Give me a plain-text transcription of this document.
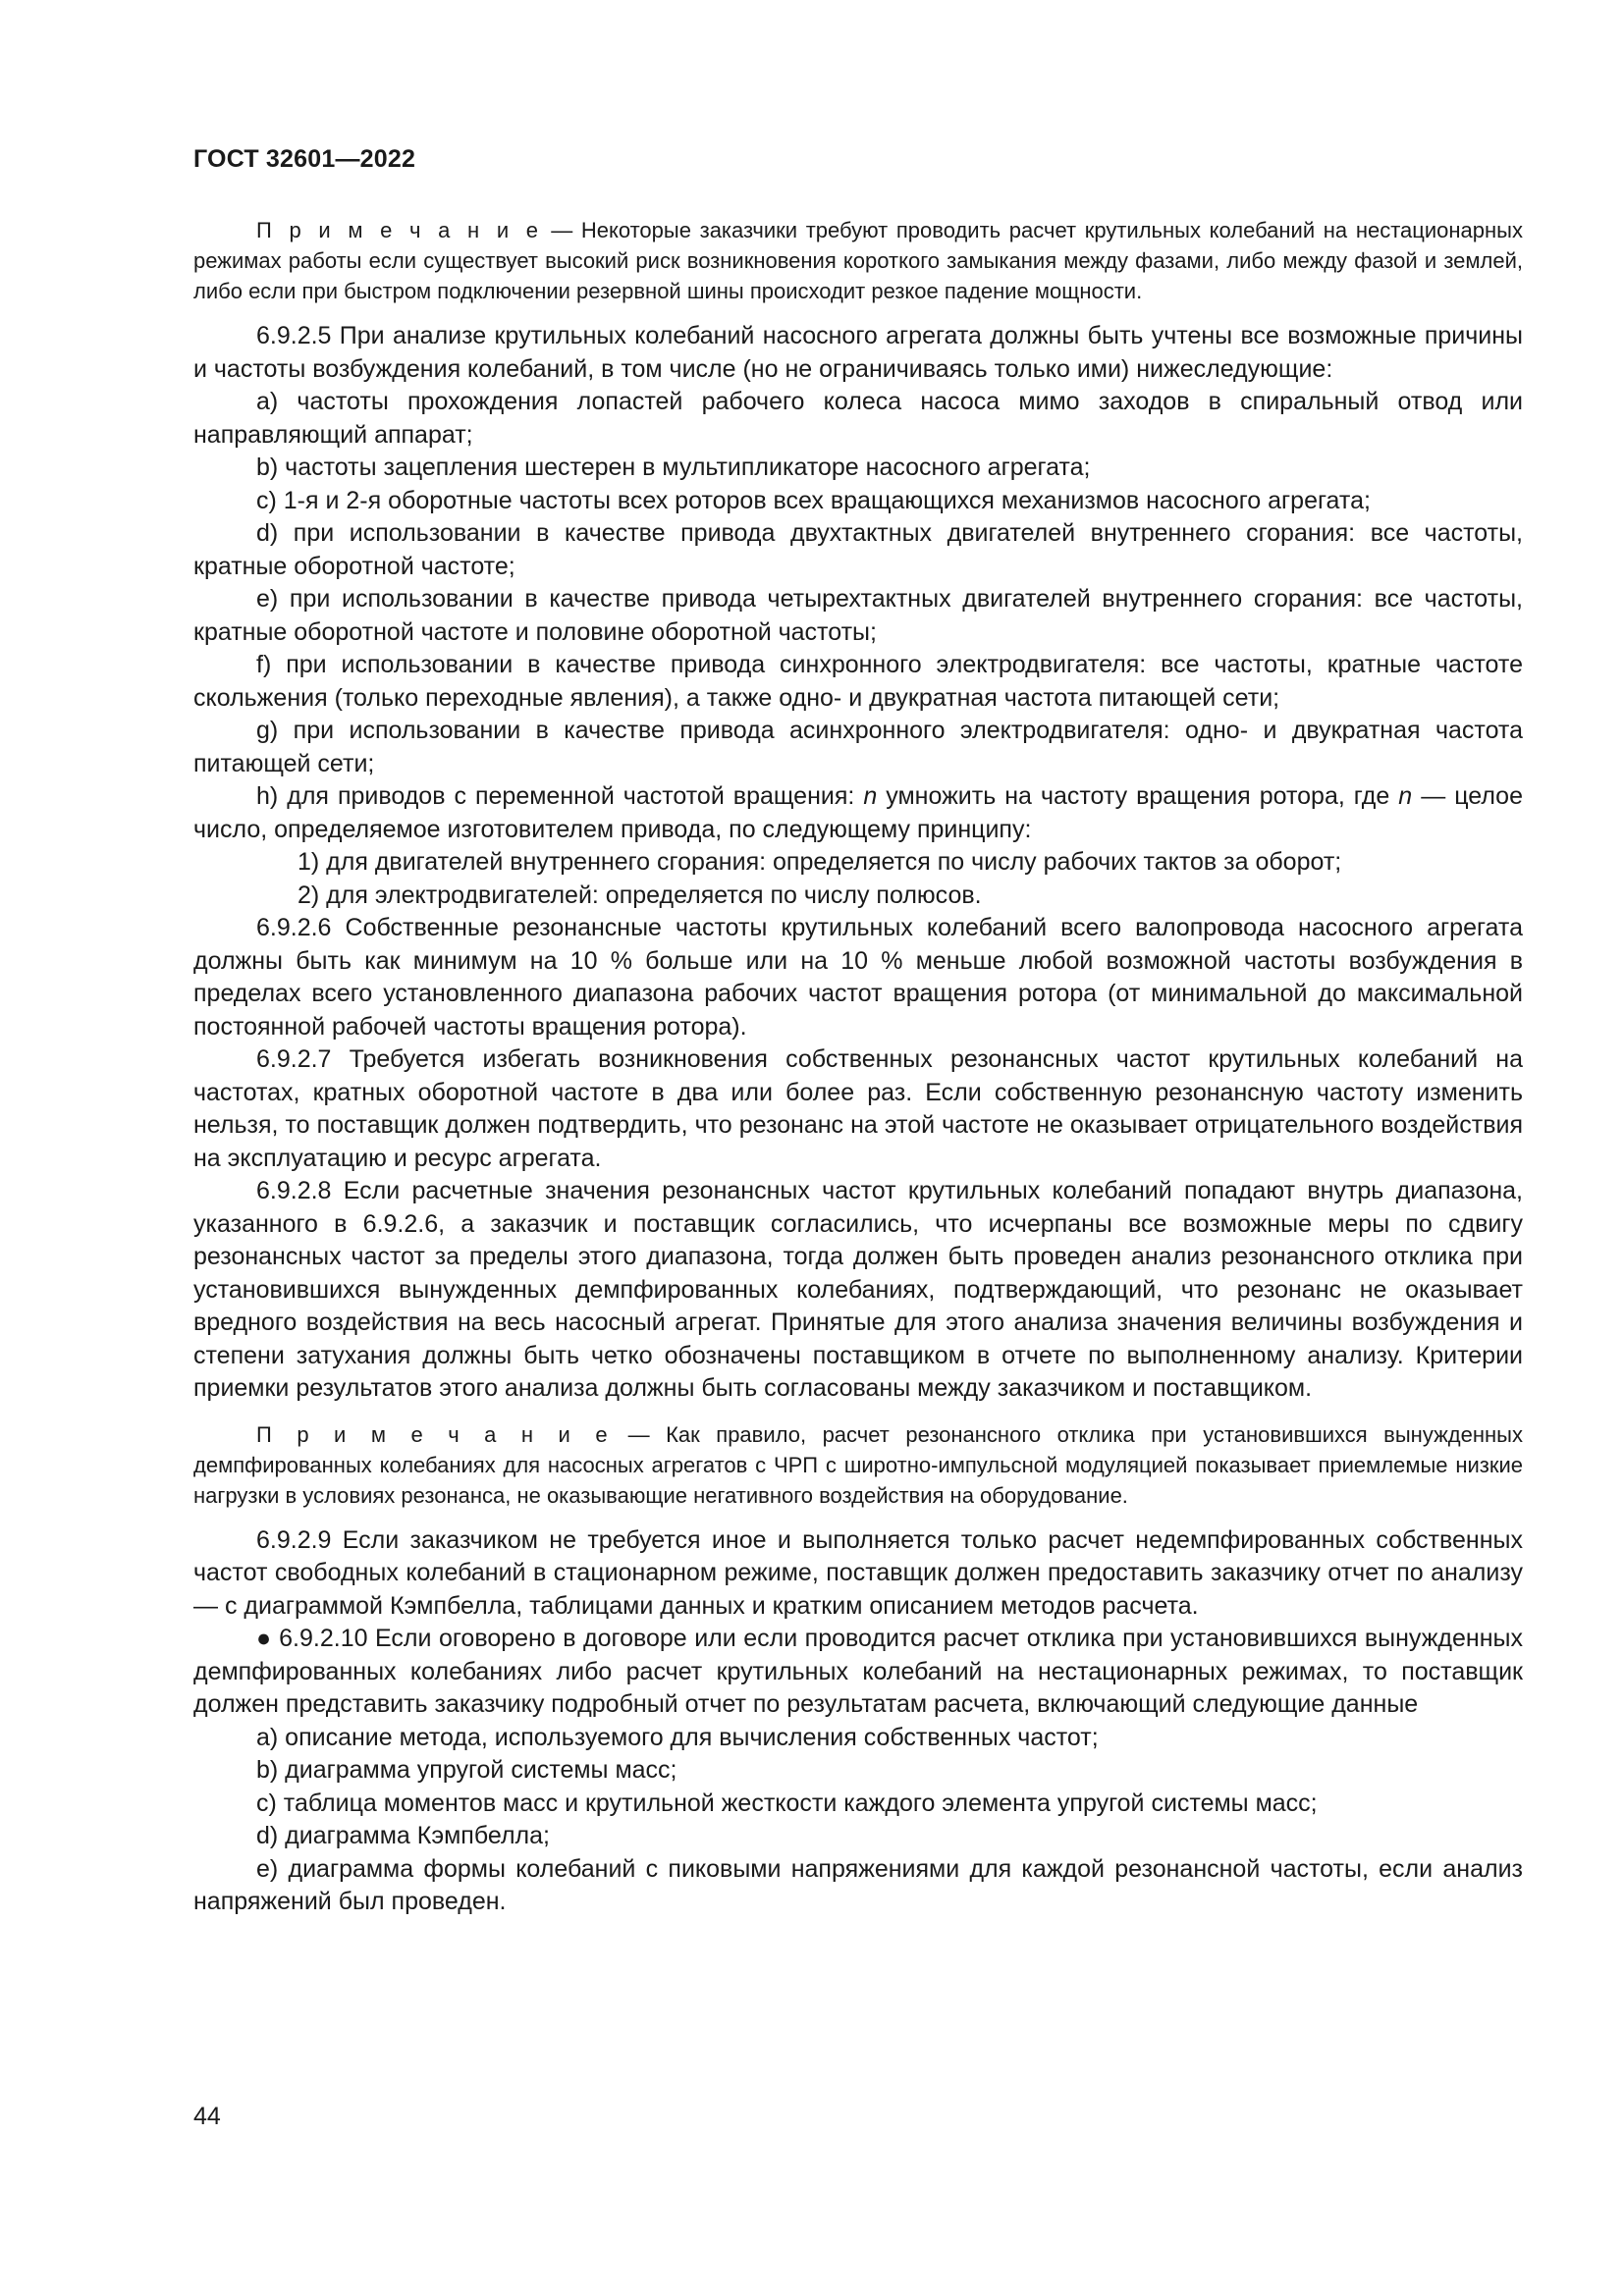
ГОСТ 32601—2022

П р и м е ч а н и е — Некоторые заказчики требуют проводить расчет крутильных колебаний на нестационарных режимах работы если существует высокий риск возникновения короткого замыкания между фазами, либо между фазой и землей, либо если при быстром подключении резервной шины происходит резкое падение мощности.

6.9.2.5 При анализе крутильных колебаний насосного агрегата должны быть учтены все возможные причины и частоты возбуждения колебаний, в том числе (но не ограничиваясь только ими) нижеследующие:

a) частоты прохождения лопастей рабочего колеса насоса мимо заходов в спиральный отвод или направляющий аппарат;

b) частоты зацепления шестерен в мультипликаторе насосного агрегата;

c) 1-я и 2-я оборотные частоты всех роторов всех вращающихся механизмов насосного агрегата;

d) при использовании в качестве привода двухтактных двигателей внутреннего сгорания: все частоты, кратные оборотной частоте;

e) при использовании в качестве привода четырехтактных двигателей внутреннего сгорания: все частоты, кратные оборотной частоте и половине оборотной частоты;

f) при использовании в качестве привода синхронного электродвигателя: все частоты, кратные частоте скольжения (только переходные явления), а также одно- и двукратная частота питающей сети;

g) при использовании в качестве привода асинхронного электродвигателя: одно- и двукратная частота питающей сети;

h) для приводов с переменной частотой вращения: n умножить на частоту вращения ротора, где n — целое число, определяемое изготовителем привода, по следующему принципу:

1) для двигателей внутреннего сгорания: определяется по числу рабочих тактов за оборот;

2) для электродвигателей: определяется по числу полюсов.

6.9.2.6 Собственные резонансные частоты крутильных колебаний всего валопровода насосного агрегата должны быть как минимум на 10 % больше или на 10 % меньше любой возможной частоты возбуждения в пределах всего установленного диапазона рабочих частот вращения ротора (от минимальной до максимальной постоянной рабочей частоты вращения ротора).

6.9.2.7 Требуется избегать возникновения собственных резонансных частот крутильных колебаний на частотах, кратных оборотной частоте в два или более раз. Если собственную резонансную частоту изменить нельзя, то поставщик должен подтвердить, что резонанс на этой частоте не оказывает отрицательного воздействия на эксплуатацию и ресурс агрегата.

6.9.2.8 Если расчетные значения резонансных частот крутильных колебаний попадают внутрь диапазона, указанного в 6.9.2.6, а заказчик и поставщик согласились, что исчерпаны все возможные меры по сдвигу резонансных частот за пределы этого диапазона, тогда должен быть проведен анализ резонансного отклика при установившихся вынужденных демпфированных колебаниях, подтверждающий, что резонанс не оказывает вредного воздействия на весь насосный агрегат. Принятые для этого анализа значения величины возбуждения и степени затухания должны быть четко обозначены поставщиком в отчете по выполненному анализу. Критерии приемки результатов этого анализа должны быть согласованы между заказчиком и поставщиком.

П р и м е ч а н и е — Как правило, расчет резонансного отклика при установившихся вынужденных демпфированных колебаниях для насосных агрегатов с ЧРП с широтно-импульсной модуляцией показывает приемлемые низкие нагрузки в условиях резонанса, не оказывающие негативного воздействия на оборудование.

6.9.2.9 Если заказчиком не требуется иное и выполняется только расчет недемпфированных собственных частот свободных колебаний в стационарном режиме, поставщик должен предоставить заказчику отчет по анализу — с диаграммой Кэмпбелла, таблицами данных и кратким описанием методов расчета.

● 6.9.2.10 Если оговорено в договоре или если проводится расчет отклика при установившихся вынужденных демпфированных колебаниях либо расчет крутильных колебаний на нестационарных режимах, то поставщик должен представить заказчику подробный отчет по результатам расчета, включающий следующие данные

a) описание метода, используемого для вычисления собственных частот;

b) диаграмма упругой системы масс;

c) таблица моментов масс и крутильной жесткости каждого элемента упругой системы масс;

d) диаграмма Кэмпбелла;

e) диаграмма формы колебаний с пиковыми напряжениями для каждой резонансной частоты, если анализ напряжений был проведен.

44
